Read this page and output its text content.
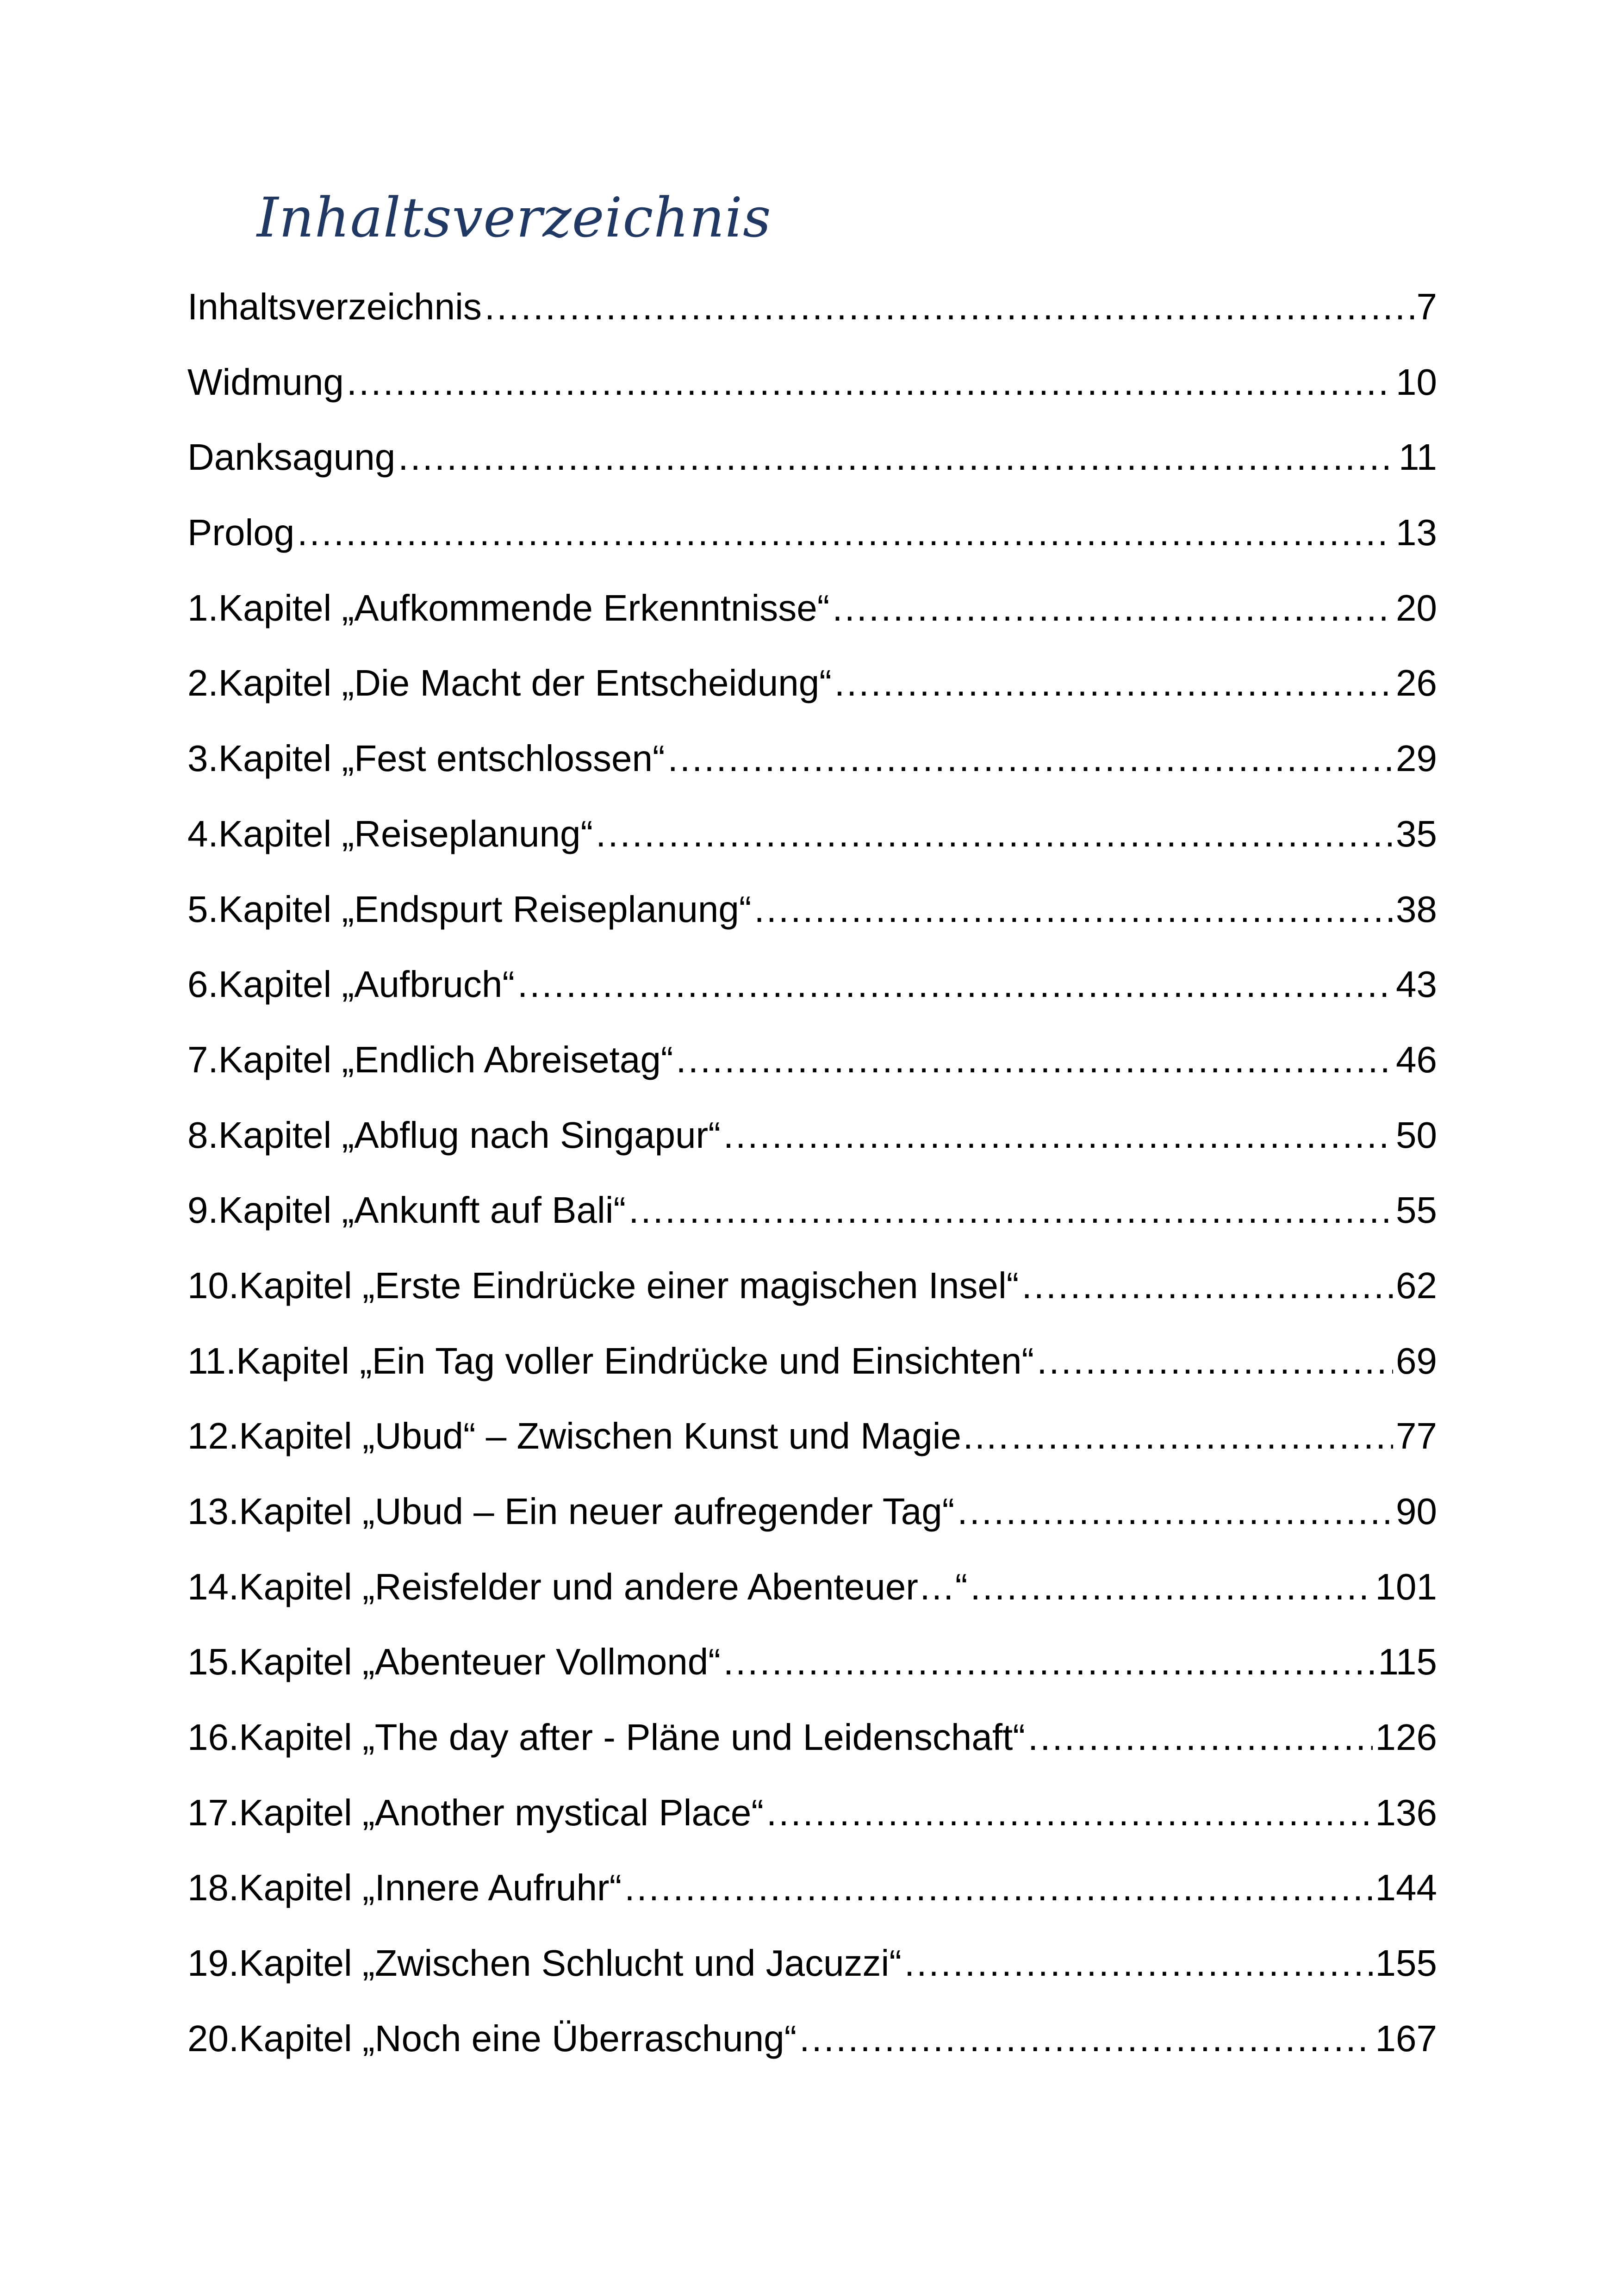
Inhaltsverzeichnis
Inhaltsverzeichnis .....	7
Widmung .....	10
Danksagung .....	11
Prolog .....	13
1.Kapitel „Aufkommende Erkenntnisse“ .....	20
2.Kapitel „Die Macht der Entscheidung“ .....	26
3.Kapitel „Fest entschlossen“ .....	29
4.Kapitel „Reiseplanung“ .....	35
5.Kapitel „Endspurt Reiseplanung“ .....	38
6.Kapitel „Aufbruch“ .....	43
7.Kapitel „Endlich Abreisetag“ .....	46
8.Kapitel „Abflug nach Singapur“ .....	50
9.Kapitel „Ankunft auf Bali“ .....	55
10.Kapitel „Erste Eindrücke einer magischen Insel“ .....	62
11.Kapitel „Ein Tag voller Eindrücke und Einsichten“ .....	69
12.Kapitel „Ubud“ – Zwischen Kunst und Magie…. .....	77
13.Kapitel „Ubud – Ein neuer aufregender Tag“ .....	90
14.Kapitel „Reisfelder und andere Abenteuer…“ .....	101
15.Kapitel „Abenteuer Vollmond“ .....	115
16.Kapitel „The day after - Pläne und Leidenschaft“ .....	126
17.Kapitel „Another mystical Place“ .....	136
18.Kapitel „Innere Aufruhr“ .....	144
19.Kapitel „Zwischen Schlucht und Jacuzzi“ .....	155
20.Kapitel „Noch eine Überraschung“ .....	167
